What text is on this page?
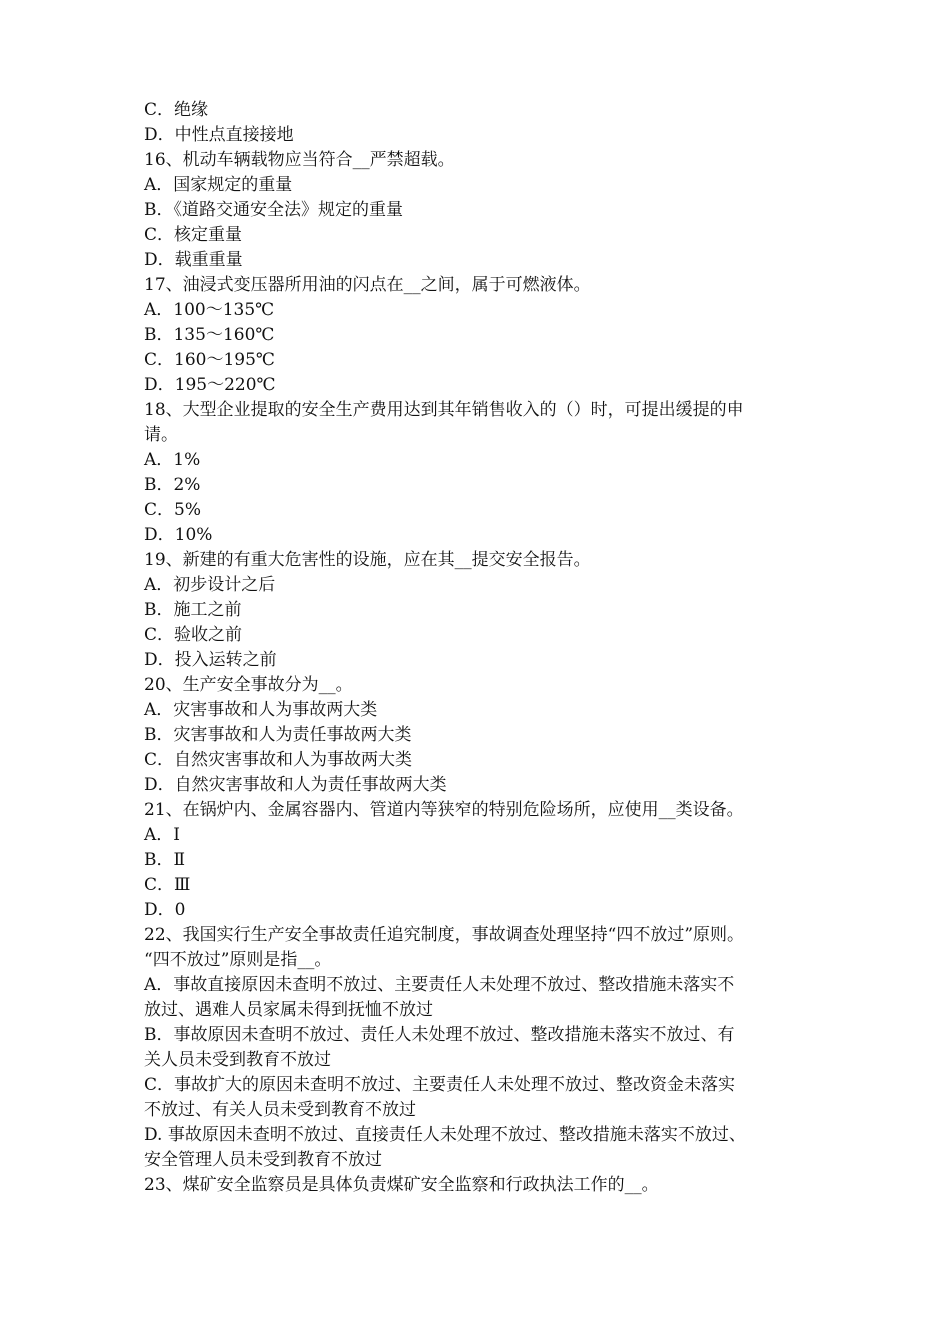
C．绝缘
D．中性点直接接地
16、机动车辆载物应当符合__严禁超载。
A．国家规定的重量
B．《道路交通安全法》规定的重量
C．核定重量
D．载重重量
17、油浸式变压器所用油的闪点在__之间，属于可燃液体。
A．100～135℃
B．135～160℃
C．160～195℃
D．195～220℃
18、大型企业提取的安全生产费用达到其年销售收入的（）时，可提出缓提的申
请。
A．1%
B．2%
C．5%
D．10%
19、新建的有重大危害性的设施，应在其__提交安全报告。
A．初步设计之后
B．施工之前
C．验收之前
D．投入运转之前
20、生产安全事故分为__。
A．灾害事故和人为事故两大类
B．灾害事故和人为责任事故两大类
C．自然灾害事故和人为事故两大类
D．自然灾害事故和人为责任事故两大类
21、在锅炉内、金属容器内、管道内等狭窄的特别危险场所，应使用__类设备。
A．Ⅰ
B．Ⅱ
C．Ⅲ
D．0
22、我国实行生产安全事故责任追究制度，事故调查处理坚持“四不放过”原则。
“四不放过”原则是指__。
A．事故直接原因未查明不放过、主要责任人未处理不放过、整改措施未落实不
放过、遇难人员家属未得到抚恤不放过
B．事故原因未查明不放过、责任人未处理不放过、整改措施未落实不放过、有
关人员未受到教育不放过
C．事故扩大的原因未查明不放过、主要责任人未处理不放过、整改资金未落实
不放过、有关人员未受到教育不放过
D. 事故原因未查明不放过、直接责任人未处理不放过、整改措施未落实不放过、
安全管理人员未受到教育不放过
23、煤矿安全监察员是具体负责煤矿安全监察和行政执法工作的__。
